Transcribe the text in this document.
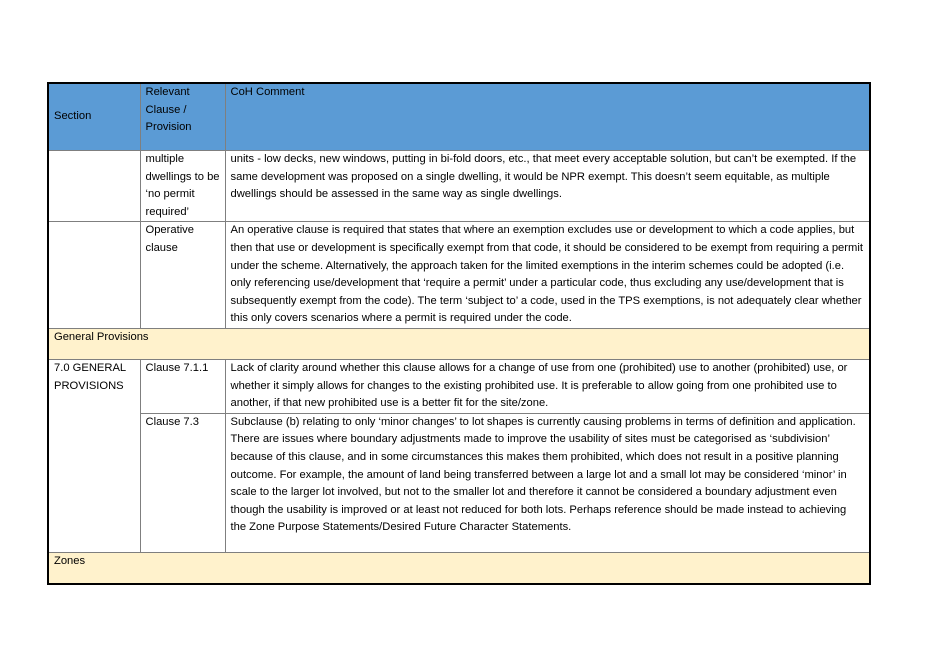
Section	Relevant Clause / Provision	CoH Comment
	multiple dwellings to be ‘no permit required’	units - low decks, new windows, putting in bi-fold doors, etc., that meet every acceptable solution, but can’t be exempted. If the same development was proposed on a single dwelling, it would be NPR exempt. This doesn’t seem equitable, as multiple dwellings should be assessed in the same way as single dwellings.
	Operative clause	An operative clause is required that states that where an exemption excludes use or development to which a code applies, but then that use or development is specifically exempt from that code, it should be considered to be exempt from requiring a permit under the scheme. Alternatively, the approach taken for the limited exemptions in the interim schemes could be adopted (i.e. only referencing use/development that ‘require a permit’ under a particular code, thus excluding any use/development that is subsequently exempt from the code). The term ‘subject to’ a code, used in the TPS exemptions, is not adequately clear whether this only covers scenarios where a permit is required under the code.
General Provisions		
7.0 GENERAL PROVISIONS	Clause 7.1.1	Lack of clarity around whether this clause allows for a change of use from one (prohibited) use to another (prohibited) use, or whether it simply allows for changes to the existing prohibited use. It is preferable to allow going from one prohibited use to another, if that new prohibited use is a better fit for the site/zone.
	Clause 7.3	Subclause (b) relating to only ‘minor changes’ to lot shapes is currently causing problems in terms of definition and application. There are issues where boundary adjustments made to improve the usability of sites must be categorised as ‘subdivision’ because of this clause, and in some circumstances this makes them prohibited, which does not result in a positive planning outcome. For example, the amount of land being transferred between a large lot and a small lot may be considered ‘minor’ in scale to the larger lot involved, but not to the smaller lot and therefore it cannot be considered a boundary adjustment even though the usability is improved or at least not reduced for both lots. Perhaps reference should be made instead to achieving the Zone Purpose Statements/Desired Future Character Statements.
Zones		
